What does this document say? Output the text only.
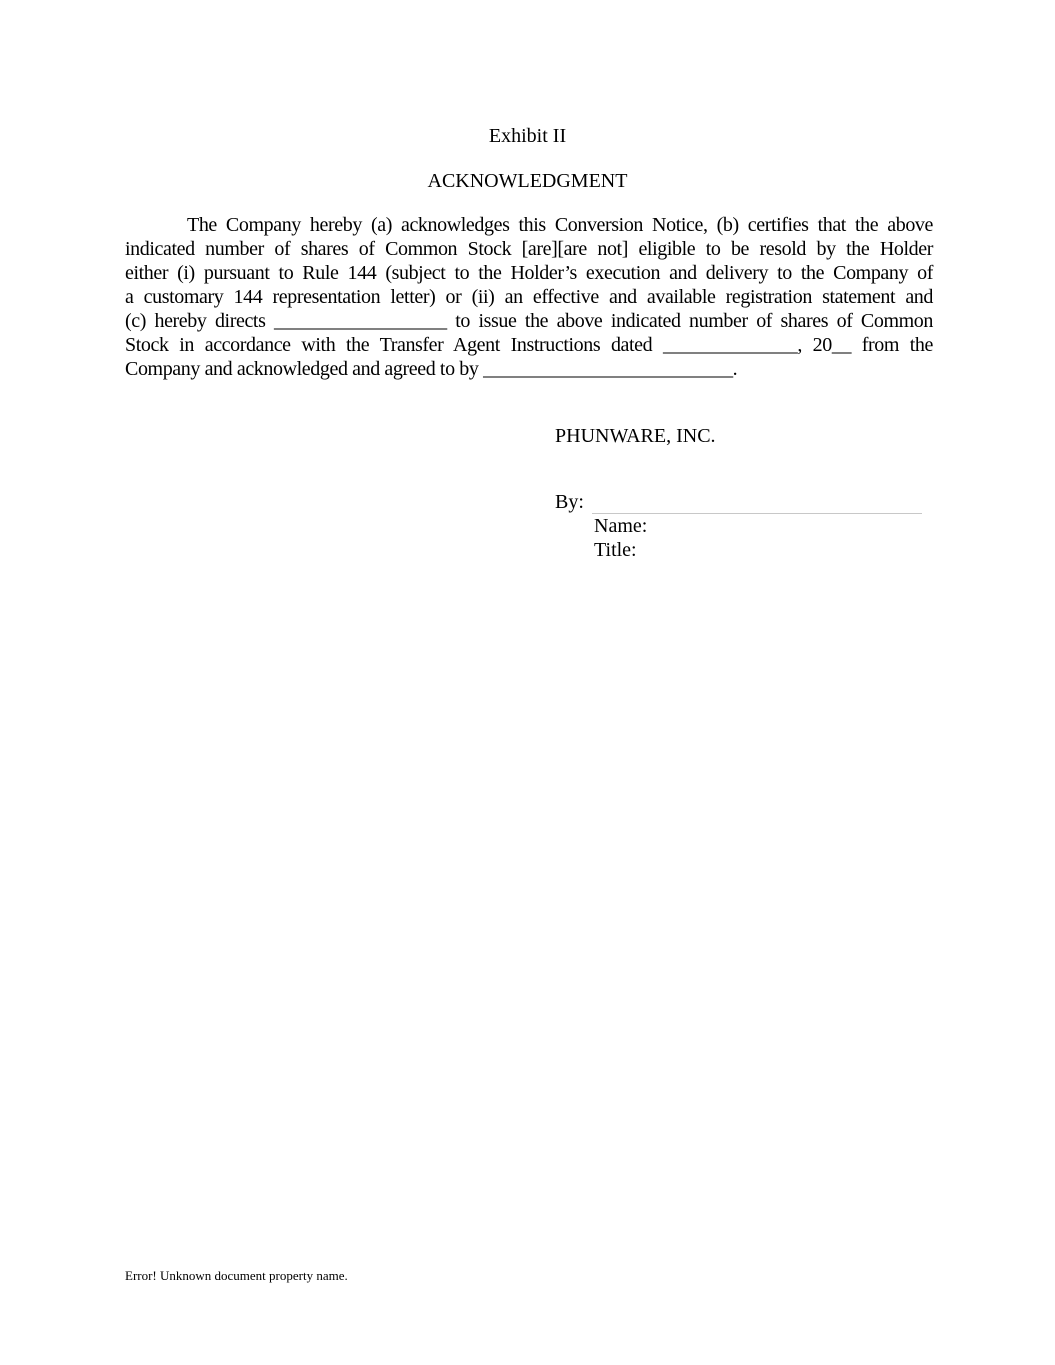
Exhibit II
ACKNOWLEDGMENT
The Company hereby (a) acknowledges this Conversion Notice, (b) certifies that the above
indicated number of shares of Common Stock [are][are not] eligible to be resold by the Holder
either (i) pursuant to Rule 144 (subject to the Holder’s execution and delivery to the Company of
a customary 144 representation letter) or (ii) an effective and available registration statement and
(c) hereby directs __________________ to issue the above indicated number of shares of Common
Stock in accordance with the Transfer Agent Instructions dated ______________, 20__ from the
Company and acknowledged and agreed to by __________________________.
PHUNWARE, INC.
By:
Name:
Title:
Error! Unknown document property name.
